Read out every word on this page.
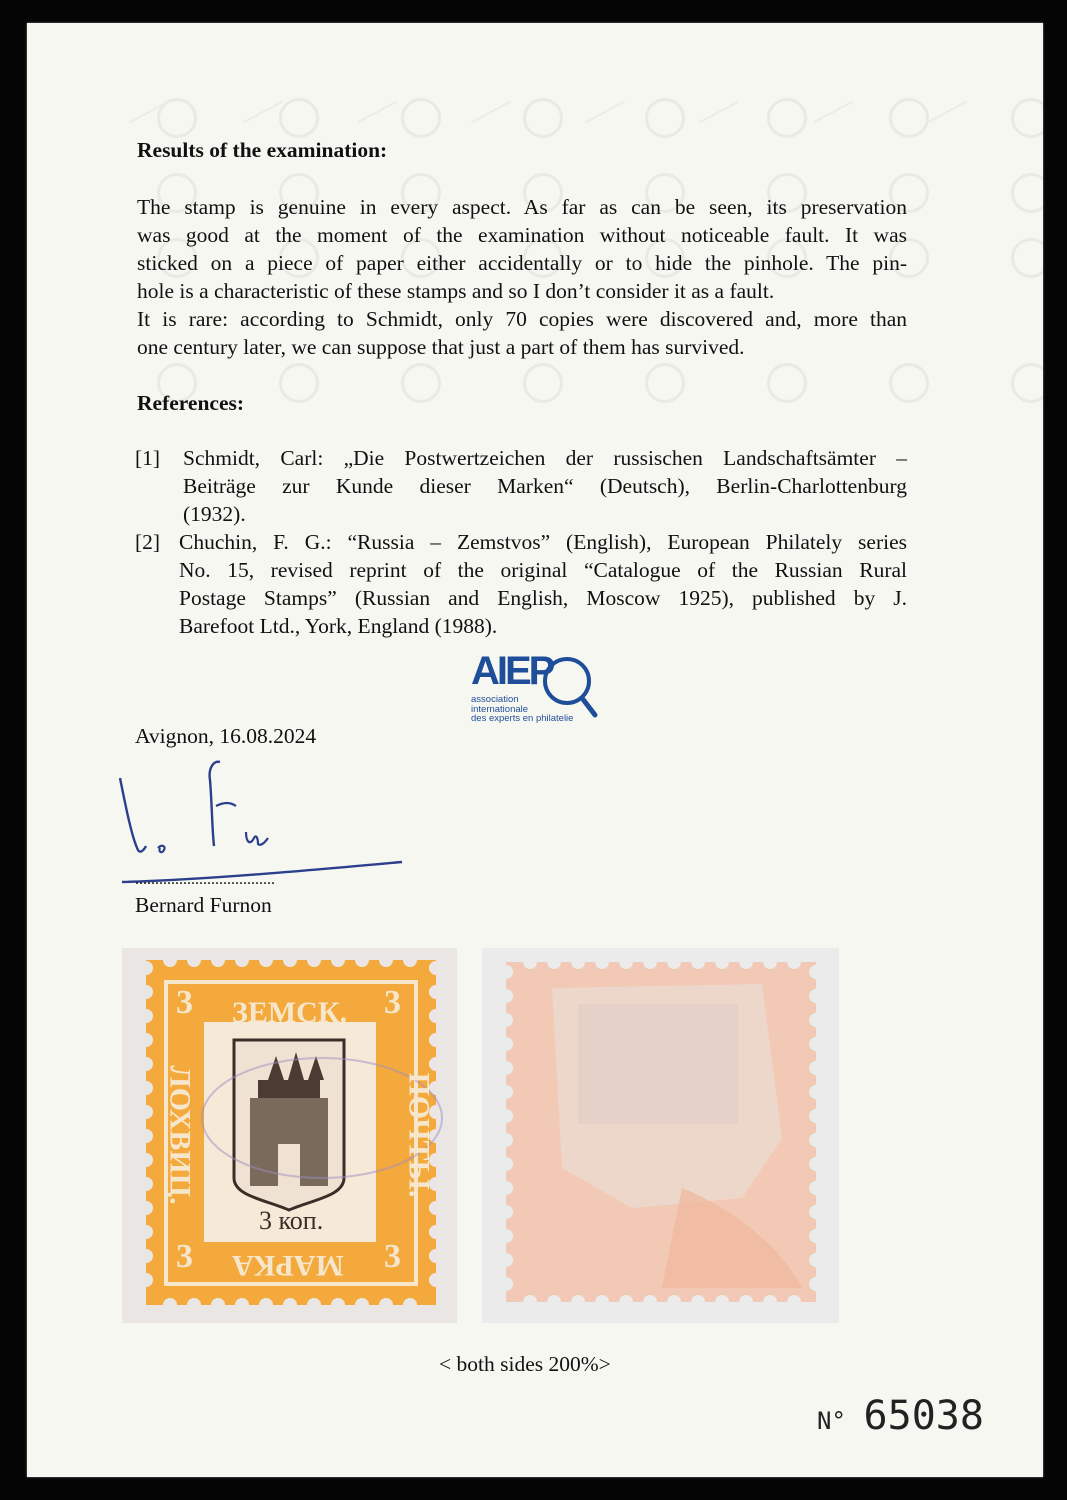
Results of the examination:

The stamp is genuine in every aspect. As far as can be seen, its preservation

was good at the moment of the examination without noticeable fault. It was

sticked on a piece of paper either accidentally or to hide the pinhole. The pin-

hole is a characteristic of these stamps and so I don’t consider it as a fault.

It is rare: according to Schmidt, only 70 copies were discovered and, more than

one century later, we can suppose that just a part of them has survived.

References:
[1] Schmidt, Carl: „Die Postwertzeichen der russischen Landschaftsämter –
Beiträge zur Kunde dieser Marken“ (Deutsch), Berlin-Charlottenburg
(1932).
[2] Chuchin, F. G.: “Russia – Zemstvos” (English), European Philately series
No. 15, revised reprint of the original “Catalogue of the Russian Rural
Postage Stamps” (Russian and English, Moscow 1925), published by J.
Barefoot Ltd., York, England (1988).
AIEP
association
internationale
des experts en philatelie
Avignon, 16.08.2024
...................................
Bernard Furnon
ЗЕМСК.
3 коп.
МАРКА
ЛОХВИЦ.	ПОЧТЫ.
3	3
3	3
< both sides 200%>
N° 65038
